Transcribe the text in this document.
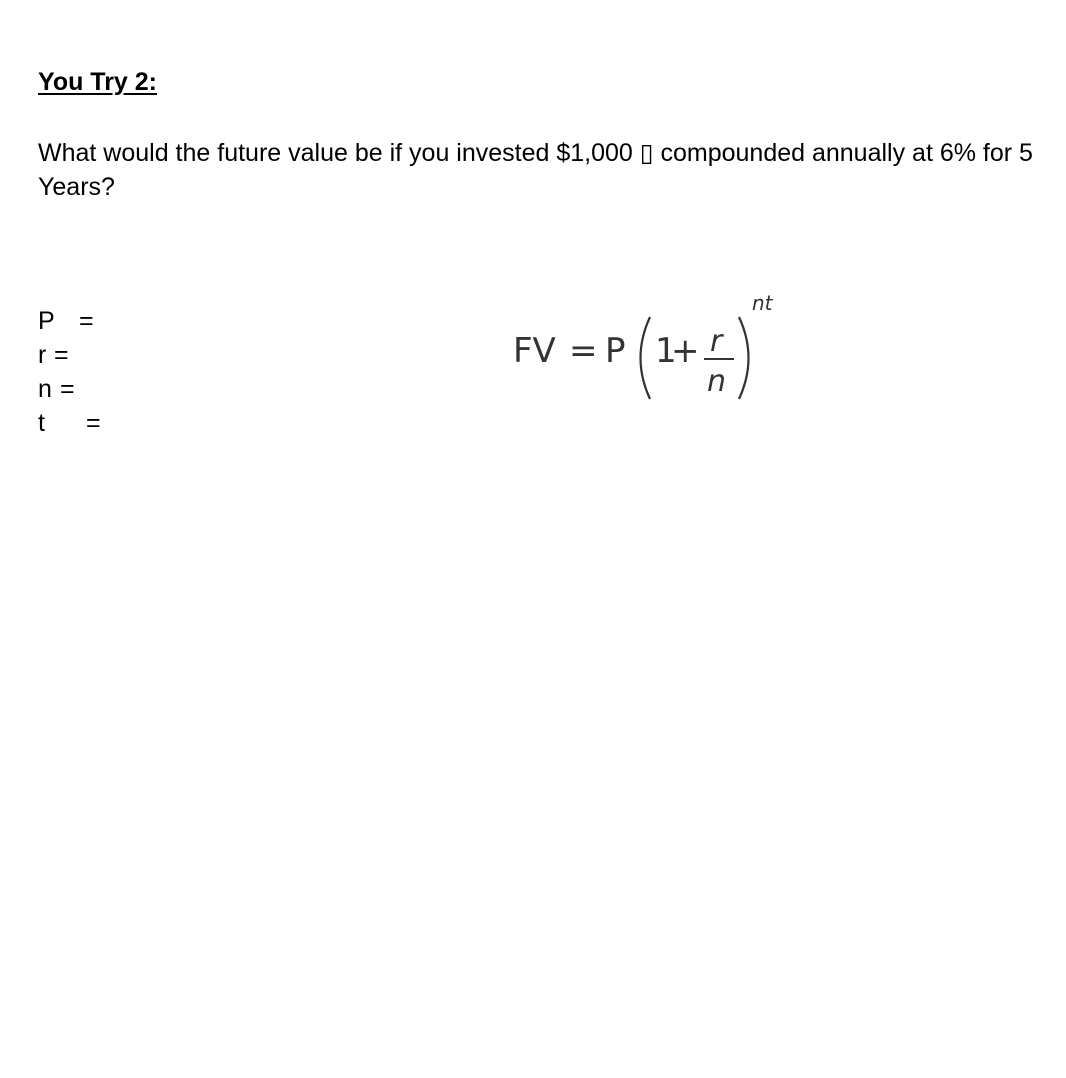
You Try 2:
What would the future value be if you invested $1,000 ▯ compounded annually at 6% for 5 Years?
P =
r =
n =
t =
FV = P 1
+ r
n
nt
